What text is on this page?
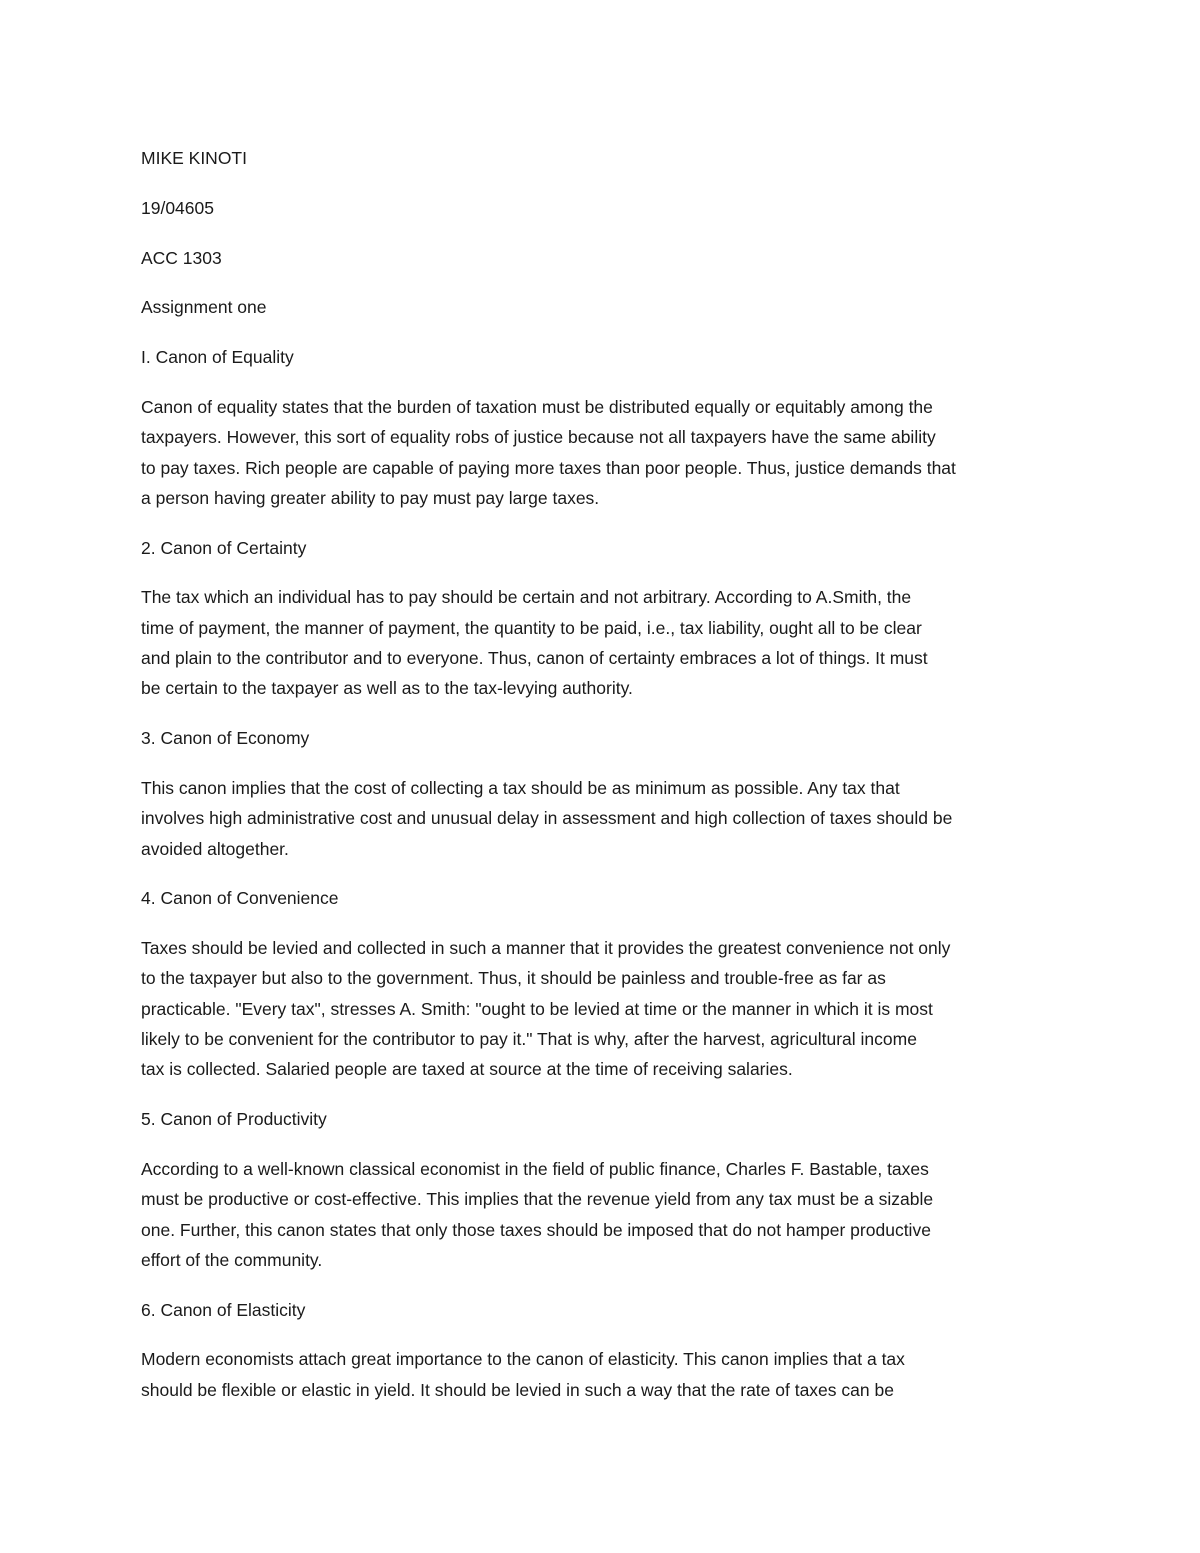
MIKE KINOTI

19/04605

ACC 1303

Assignment one

I. Canon of Equality

Canon of equality states that the burden of taxation must be distributed equally or equitably among the
taxpayers. However, this sort of equality robs of justice because not all taxpayers have the same ability
to pay taxes. Rich people are capable of paying more taxes than poor people. Thus, justice demands that
a person having greater ability to pay must pay large taxes.

2. Canon of Certainty

The tax which an individual has to pay should be certain and not arbitrary. According to A.Smith, the
time of payment, the manner of payment, the quantity to be paid, i.e., tax liability, ought all to be clear
and plain to the contributor and to everyone. Thus, canon of certainty embraces a lot of things. It must
be certain to the taxpayer as well as to the tax-levying authority.

3. Canon of Economy

This canon implies that the cost of collecting a tax should be as minimum as possible. Any tax that
involves high administrative cost and unusual delay in assessment and high collection of taxes should be
avoided altogether.

4. Canon of Convenience

Taxes should be levied and collected in such a manner that it provides the greatest convenience not only
to the taxpayer but also to the government. Thus, it should be painless and trouble-free as far as
practicable. "Every tax", stresses A. Smith: "ought to be levied at time or the manner in which it is most
likely to be convenient for the contributor to pay it." That is why, after the harvest, agricultural income
tax is collected. Salaried people are taxed at source at the time of receiving salaries.

5. Canon of Productivity

According to a well-known classical economist in the field of public finance, Charles F. Bastable, taxes
must be productive or cost-effective. This implies that the revenue yield from any tax must be a sizable
one. Further, this canon states that only those taxes should be imposed that do not hamper productive
effort of the community.

6. Canon of Elasticity

Modern economists attach great importance to the canon of elasticity. This canon implies that a tax
should be flexible or elastic in yield. It should be levied in such a way that the rate of taxes can be
